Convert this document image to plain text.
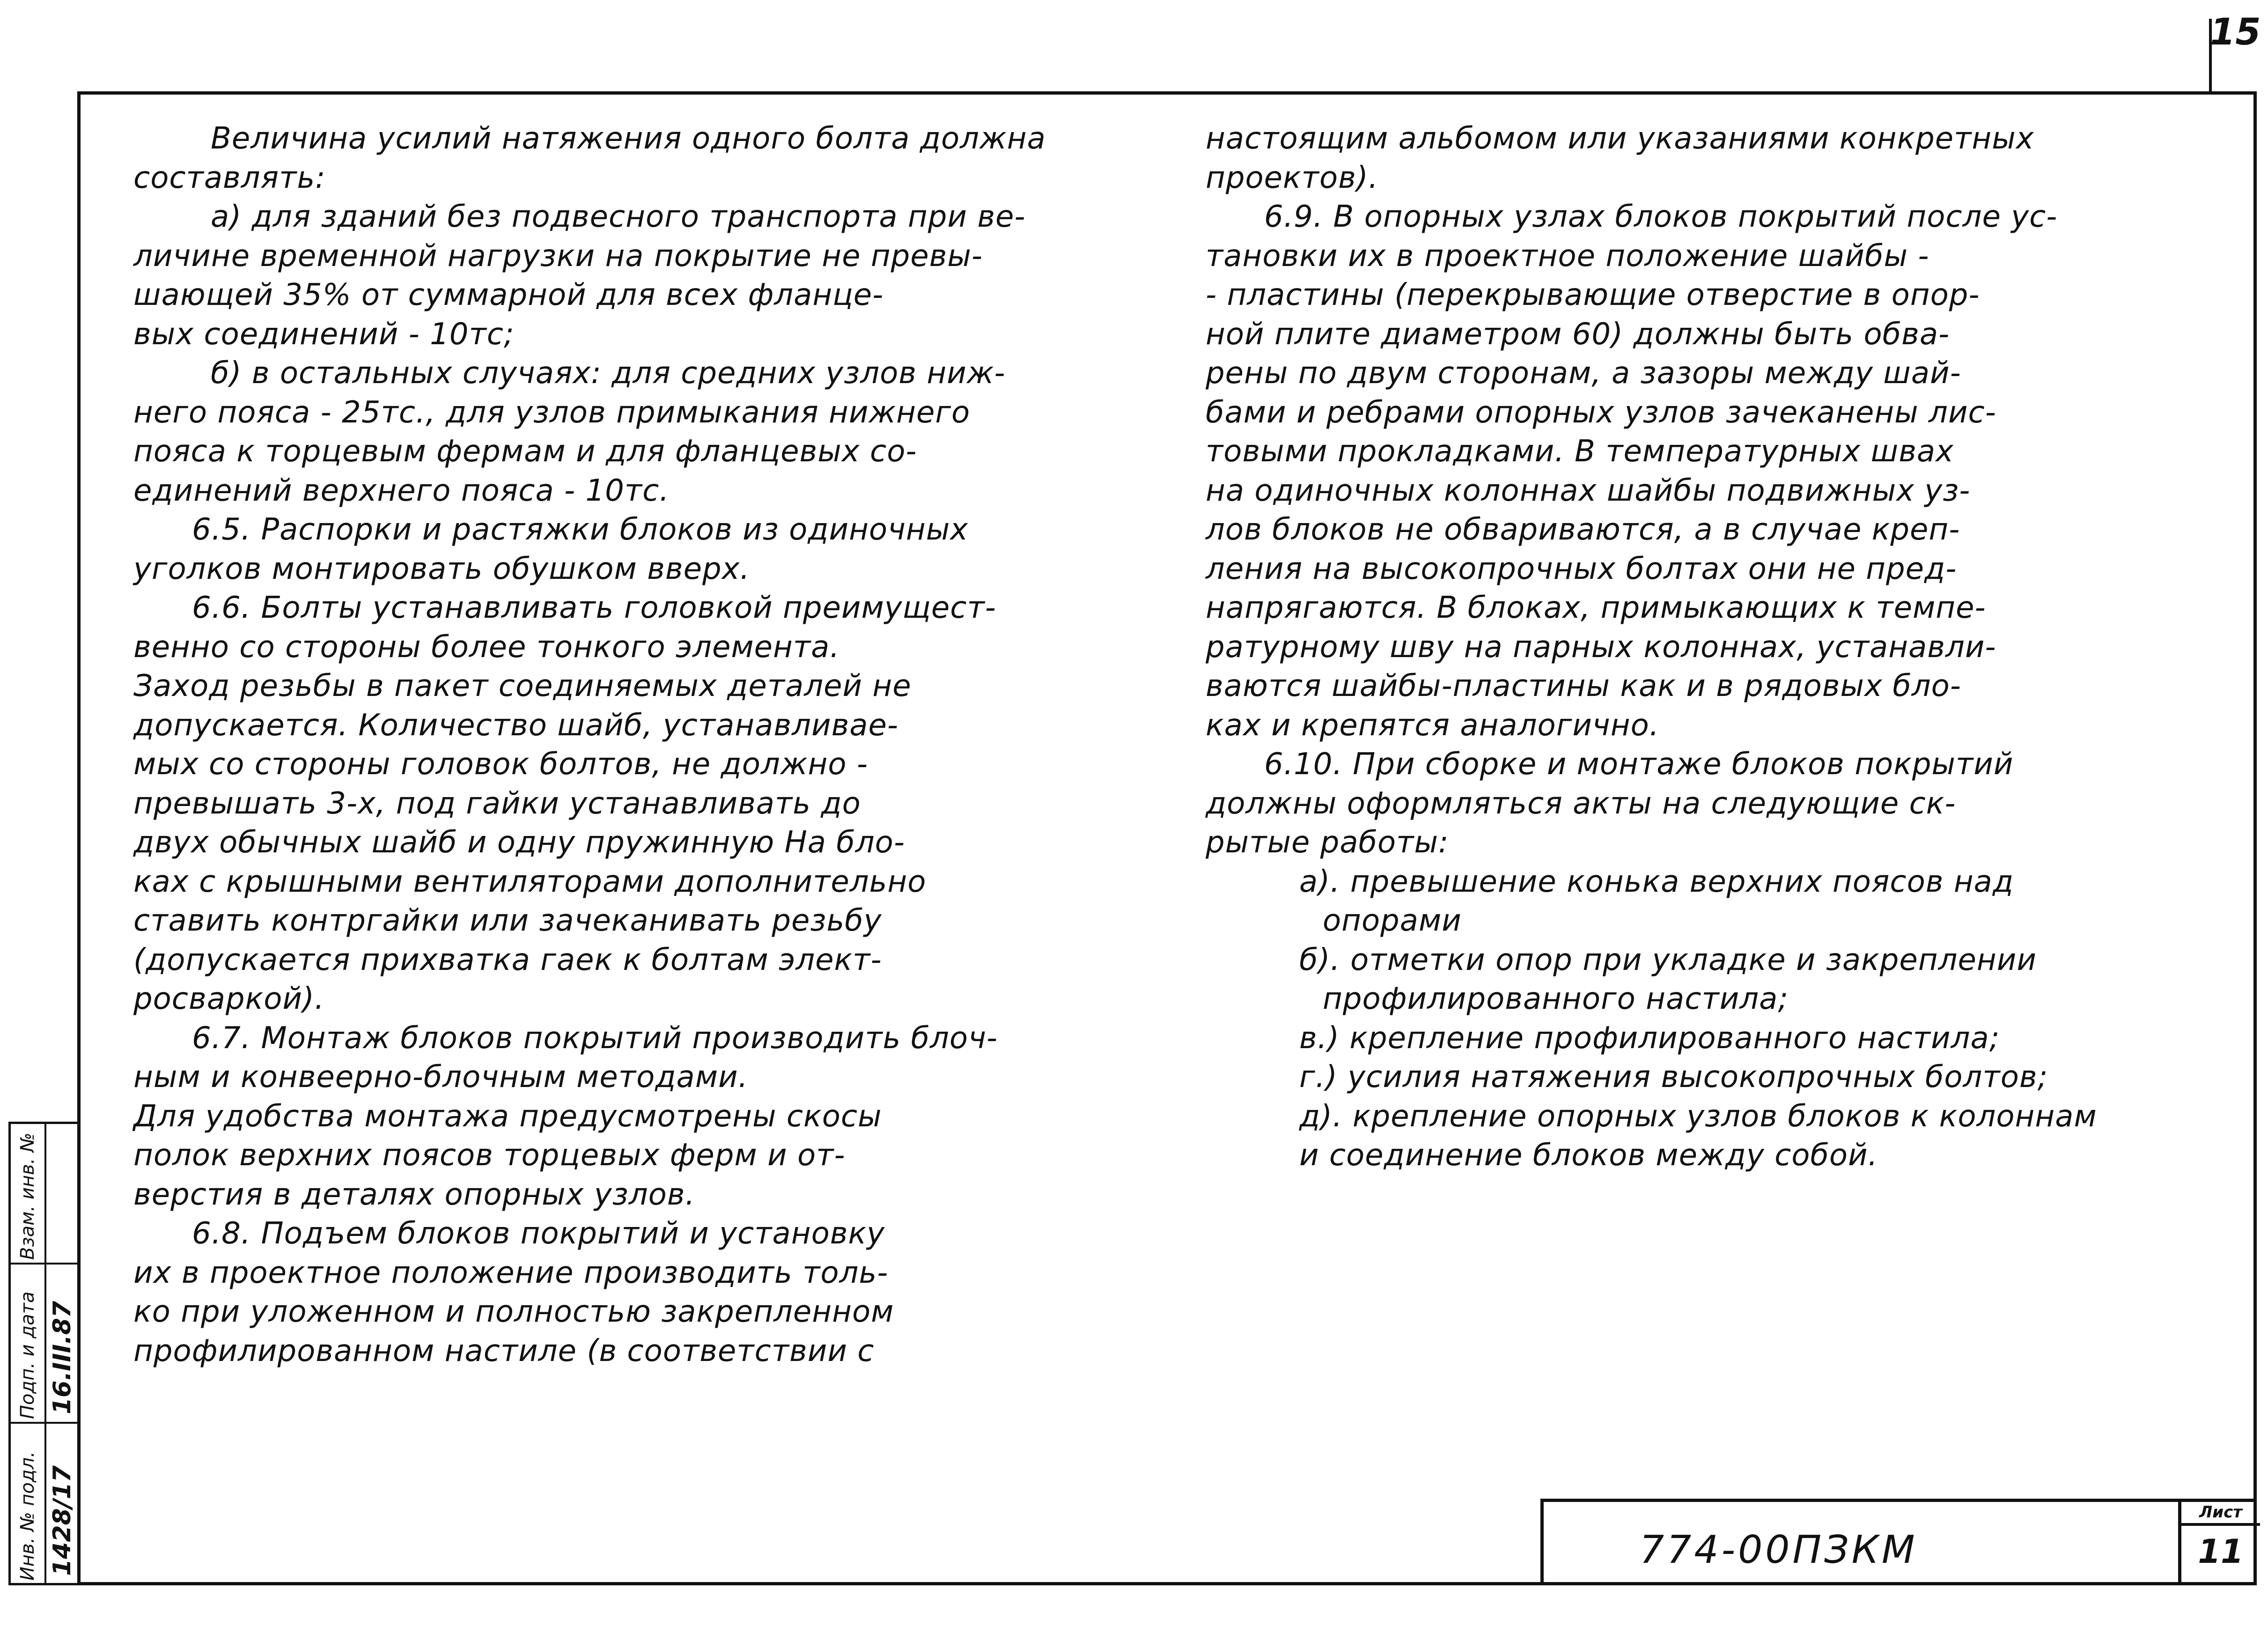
15
Величина усилий натяжения одного болта должна
составлять:
а) для зданий без подвесного транспорта при ве-
личине временной нагрузки на покрытие не превы-
шающей 35% от суммарной для всех фланце-
вых соединений - 10тс;
б) в остальных случаях: для средних узлов ниж-
него пояса - 25тс., для узлов примыкания нижнего
пояса к торцевым фермам и для фланцевых со-
единений верхнего пояса - 10тс.
6.5. Распорки и растяжки блоков из одиночных
уголков монтировать обушком вверх.
6.6. Болты устанавливать головкой преимущест-
венно со стороны более тонкого элемента.
Заход резьбы в пакет соединяемых деталей не
допускается. Количество шайб, устанавливае-
мых со стороны головок болтов, не должно -
превышать 3-х, под гайки устанавливать до
двух обычных шайб и одну пружинную На бло-
ках с крышными вентиляторами дополнительно
ставить контргайки или зачеканивать резьбу
(допускается прихватка гаек к болтам элект-
росваркой).
6.7. Монтаж блоков покрытий производить блоч-
ным и конвеерно-блочным методами.
Для удобства монтажа предусмотрены скосы
полок верхних поясов торцевых ферм и от-
верстия в деталях опорных узлов.
6.8. Подъем блоков покрытий и установку
их в проектное положение производить толь-
ко при уложенном и полностью закрепленном
профилированном настиле (в соответствии с
настоящим альбомом или указаниями конкретных
проектов).
6.9. В опорных узлах блоков покрытий после ус-
тановки их в проектное положение шайбы -
- пластины (перекрывающие отверстие в опор-
ной плите диаметром 60) должны быть обва-
рены по двум сторонам, а зазоры между шай-
бами и ребрами опорных узлов зачеканены лис-
товыми прокладками. В температурных швах
на одиночных колоннах шайбы подвижных уз-
лов блоков не обвариваются, а в случае креп-
ления на высокопрочных болтах они не пред-
напрягаются. В блоках, примыкающих к темпе-
ратурному шву на парных колоннах, устанавли-
ваются шайбы-пластины как и в рядовых бло-
ках и крепятся аналогично.
6.10. При сборке и монтаже блоков покрытий
должны оформляться акты на следующие ск-
рытые работы:
а). превышение конька верхних поясов над
опорами
б). отметки опор при укладке и закреплении
профилированного настила;
в.) крепление профилированного настила;
г.) усилия натяжения высокопрочных болтов;
д). крепление опорных узлов блоков к колоннам
и соединение блоков между собой.
774-00ПЗКМ
Лист
11
Взам. инв. №
Подп. и дата
Инв. № подл.
16.III.87
1428/17
